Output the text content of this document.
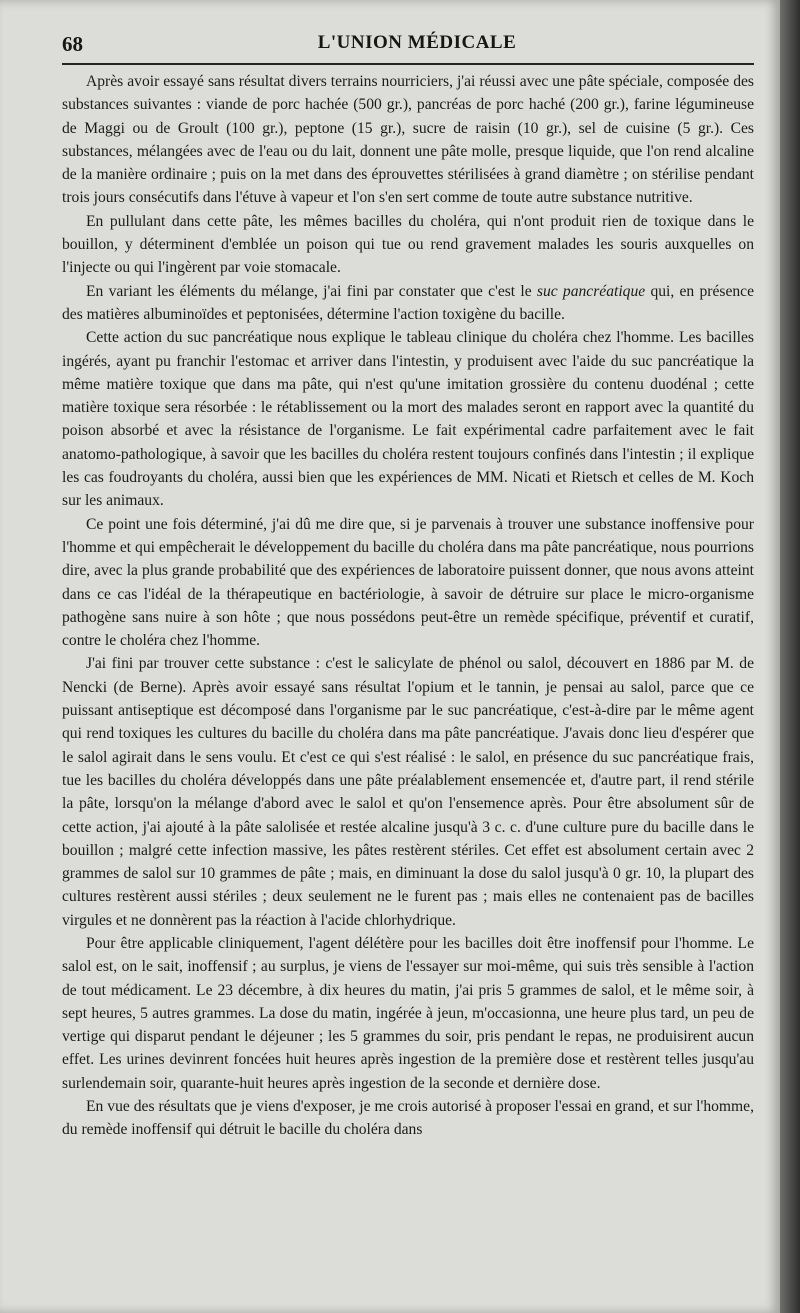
68	L'UNION MÉDICALE

Après avoir essayé sans résultat divers terrains nourriciers, j'ai réussi avec une pâte spéciale, composée des substances suivantes : viande de porc hachée (500 gr.), pancréas de porc haché (200 gr.), farine légumineuse de Maggi ou de Groult (100 gr.), peptone (15 gr.), sucre de raisin (10 gr.), sel de cuisine (5 gr.). Ces substances, mélangées avec de l'eau ou du lait, donnent une pâte molle, presque liquide, que l'on rend alcaline de la manière ordinaire ; puis on la met dans des éprouvettes stérilisées à grand diamètre ; on stérilise pendant trois jours consécutifs dans l'étuve à vapeur et l'on s'en sert comme de toute autre substance nutritive.

En pullulant dans cette pâte, les mêmes bacilles du choléra, qui n'ont produit rien de toxique dans le bouillon, y déterminent d'emblée un poison qui tue ou rend gravement malades les souris auxquelles on l'injecte ou qui l'ingèrent par voie stomacale.

En variant les éléments du mélange, j'ai fini par constater que c'est le suc pancréatique qui, en présence des matières albuminoïdes et peptonisées, détermine l'action toxigène du bacille.

Cette action du suc pancréatique nous explique le tableau clinique du choléra chez l'homme. Les bacilles ingérés, ayant pu franchir l'estomac et arriver dans l'intestin, y produisent avec l'aide du suc pancréatique la même matière toxique que dans ma pâte, qui n'est qu'une imitation grossière du contenu duodénal ; cette matière toxique sera résorbée : le rétablissement ou la mort des malades seront en rapport avec la quantité du poison absorbé et avec la résistance de l'organisme. Le fait expérimental cadre parfaitement avec le fait anatomo-pathologique, à savoir que les bacilles du choléra restent toujours confinés dans l'intestin ; il explique les cas foudroyants du choléra, aussi bien que les expériences de MM. Nicati et Rietsch et celles de M. Koch sur les animaux.

Ce point une fois déterminé, j'ai dû me dire que, si je parvenais à trouver une substance inoffensive pour l'homme et qui empêcherait le développement du bacille du choléra dans ma pâte pancréatique, nous pourrions dire, avec la plus grande probabilité que des expériences de laboratoire puissent donner, que nous avons atteint dans ce cas l'idéal de la thérapeutique en bactériologie, à savoir de détruire sur place le micro-organisme pathogène sans nuire à son hôte ; que nous possédons peut-être un remède spécifique, préventif et curatif, contre le choléra chez l'homme.

J'ai fini par trouver cette substance : c'est le salicylate de phénol ou salol, découvert en 1886 par M. de Nencki (de Berne). Après avoir essayé sans résultat l'opium et le tannin, je pensai au salol, parce que ce puissant antiseptique est décomposé dans l'organisme par le suc pancréatique, c'est-à-dire par le même agent qui rend toxiques les cultures du bacille du choléra dans ma pâte pancréatique. J'avais donc lieu d'espérer que le salol agirait dans le sens voulu. Et c'est ce qui s'est réalisé : le salol, en présence du suc pancréatique frais, tue les bacilles du choléra développés dans une pâte préalablement ensemencée et, d'autre part, il rend stérile la pâte, lorsqu'on la mélange d'abord avec le salol et qu'on l'ensemence après. Pour être absolument sûr de cette action, j'ai ajouté à la pâte salolisée et restée alcaline jusqu'à 3 c. c. d'une culture pure du bacille dans le bouillon ; malgré cette infection massive, les pâtes restèrent stériles. Cet effet est absolument certain avec 2 grammes de salol sur 10 grammes de pâte ; mais, en diminuant la dose du salol jusqu'à 0 gr. 10, la plupart des cultures restèrent aussi stériles ; deux seulement ne le furent pas ; mais elles ne contenaient pas de bacilles virgules et ne donnèrent pas la réaction à l'acide chlorhydrique.

Pour être applicable cliniquement, l'agent délétère pour les bacilles doit être inoffensif pour l'homme. Le salol est, on le sait, inoffensif ; au surplus, je viens de l'essayer sur moi-même, qui suis très sensible à l'action de tout médicament. Le 23 décembre, à dix heures du matin, j'ai pris 5 grammes de salol, et le même soir, à sept heures, 5 autres grammes. La dose du matin, ingérée à jeun, m'occasionna, une heure plus tard, un peu de vertige qui disparut pendant le déjeuner ; les 5 grammes du soir, pris pendant le repas, ne produisirent aucun effet. Les urines devinrent foncées huit heures après ingestion de la première dose et restèrent telles jusqu'au surlendemain soir, quarante-huit heures après ingestion de la seconde et dernière dose.

En vue des résultats que je viens d'exposer, je me crois autorisé à proposer l'essai en grand, et sur l'homme, du remède inoffensif qui détruit le bacille du choléra dans
